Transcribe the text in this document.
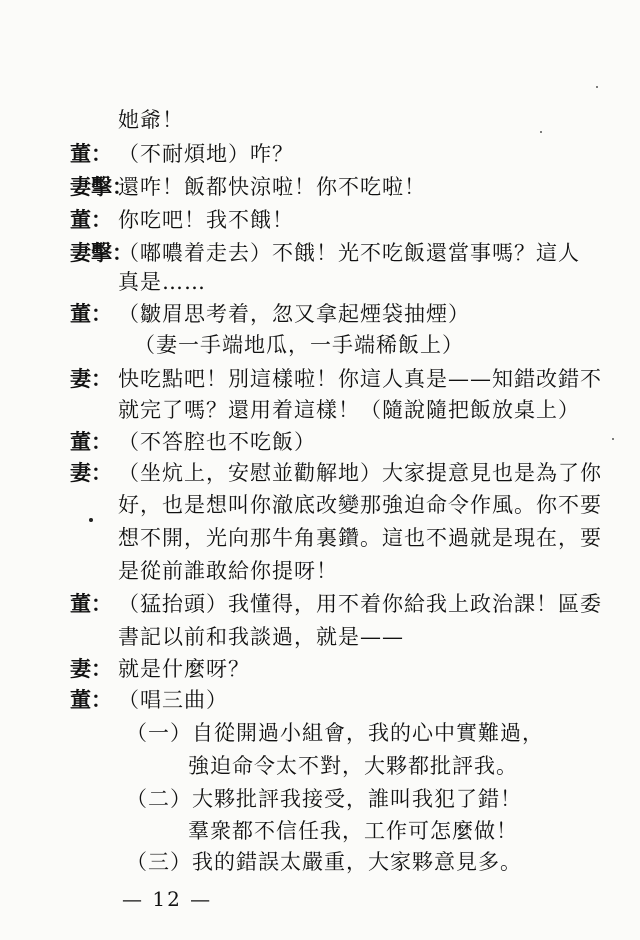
她爺！
董： （不耐煩地）咋？
妻擊：
還咋！飯都快涼啦！你不吃啦！
董： 你吃吧！我不餓！
妻擊：
（嘟噥着走去）不餓！光不吃飯還當事嗎？這人
真是……
董： （皺眉思考着，忽又拿起煙袋抽煙）
（妻一手端地瓜，一手端稀飯上）
妻： 快吃點吧！別這樣啦！你這人真是——知錯改錯不
就完了嗎？還用着這樣！（隨說隨把飯放桌上）
董： （不答腔也不吃飯）
妻： （坐炕上，安慰並勸解地）大家提意見也是為了你
好，也是想叫你澈底改變那強迫命令作風。你不要
想不開，光向那牛角裏鑽。這也不過就是現在，要
是從前誰敢給你提呀！
董： （猛抬頭）我懂得，用不着你給我上政治課！區委
書記以前和我談過，就是——
妻： 就是什麼呀？
董： （唱三曲）
（一）自從開過小組會，我的心中實難過，
強迫命令太不對，大夥都批評我。
（二）大夥批評我接受，誰叫我犯了錯！
羣衆都不信任我，工作可怎麼做！
（三）我的錯誤太嚴重，大家夥意見多。
— 12 —
